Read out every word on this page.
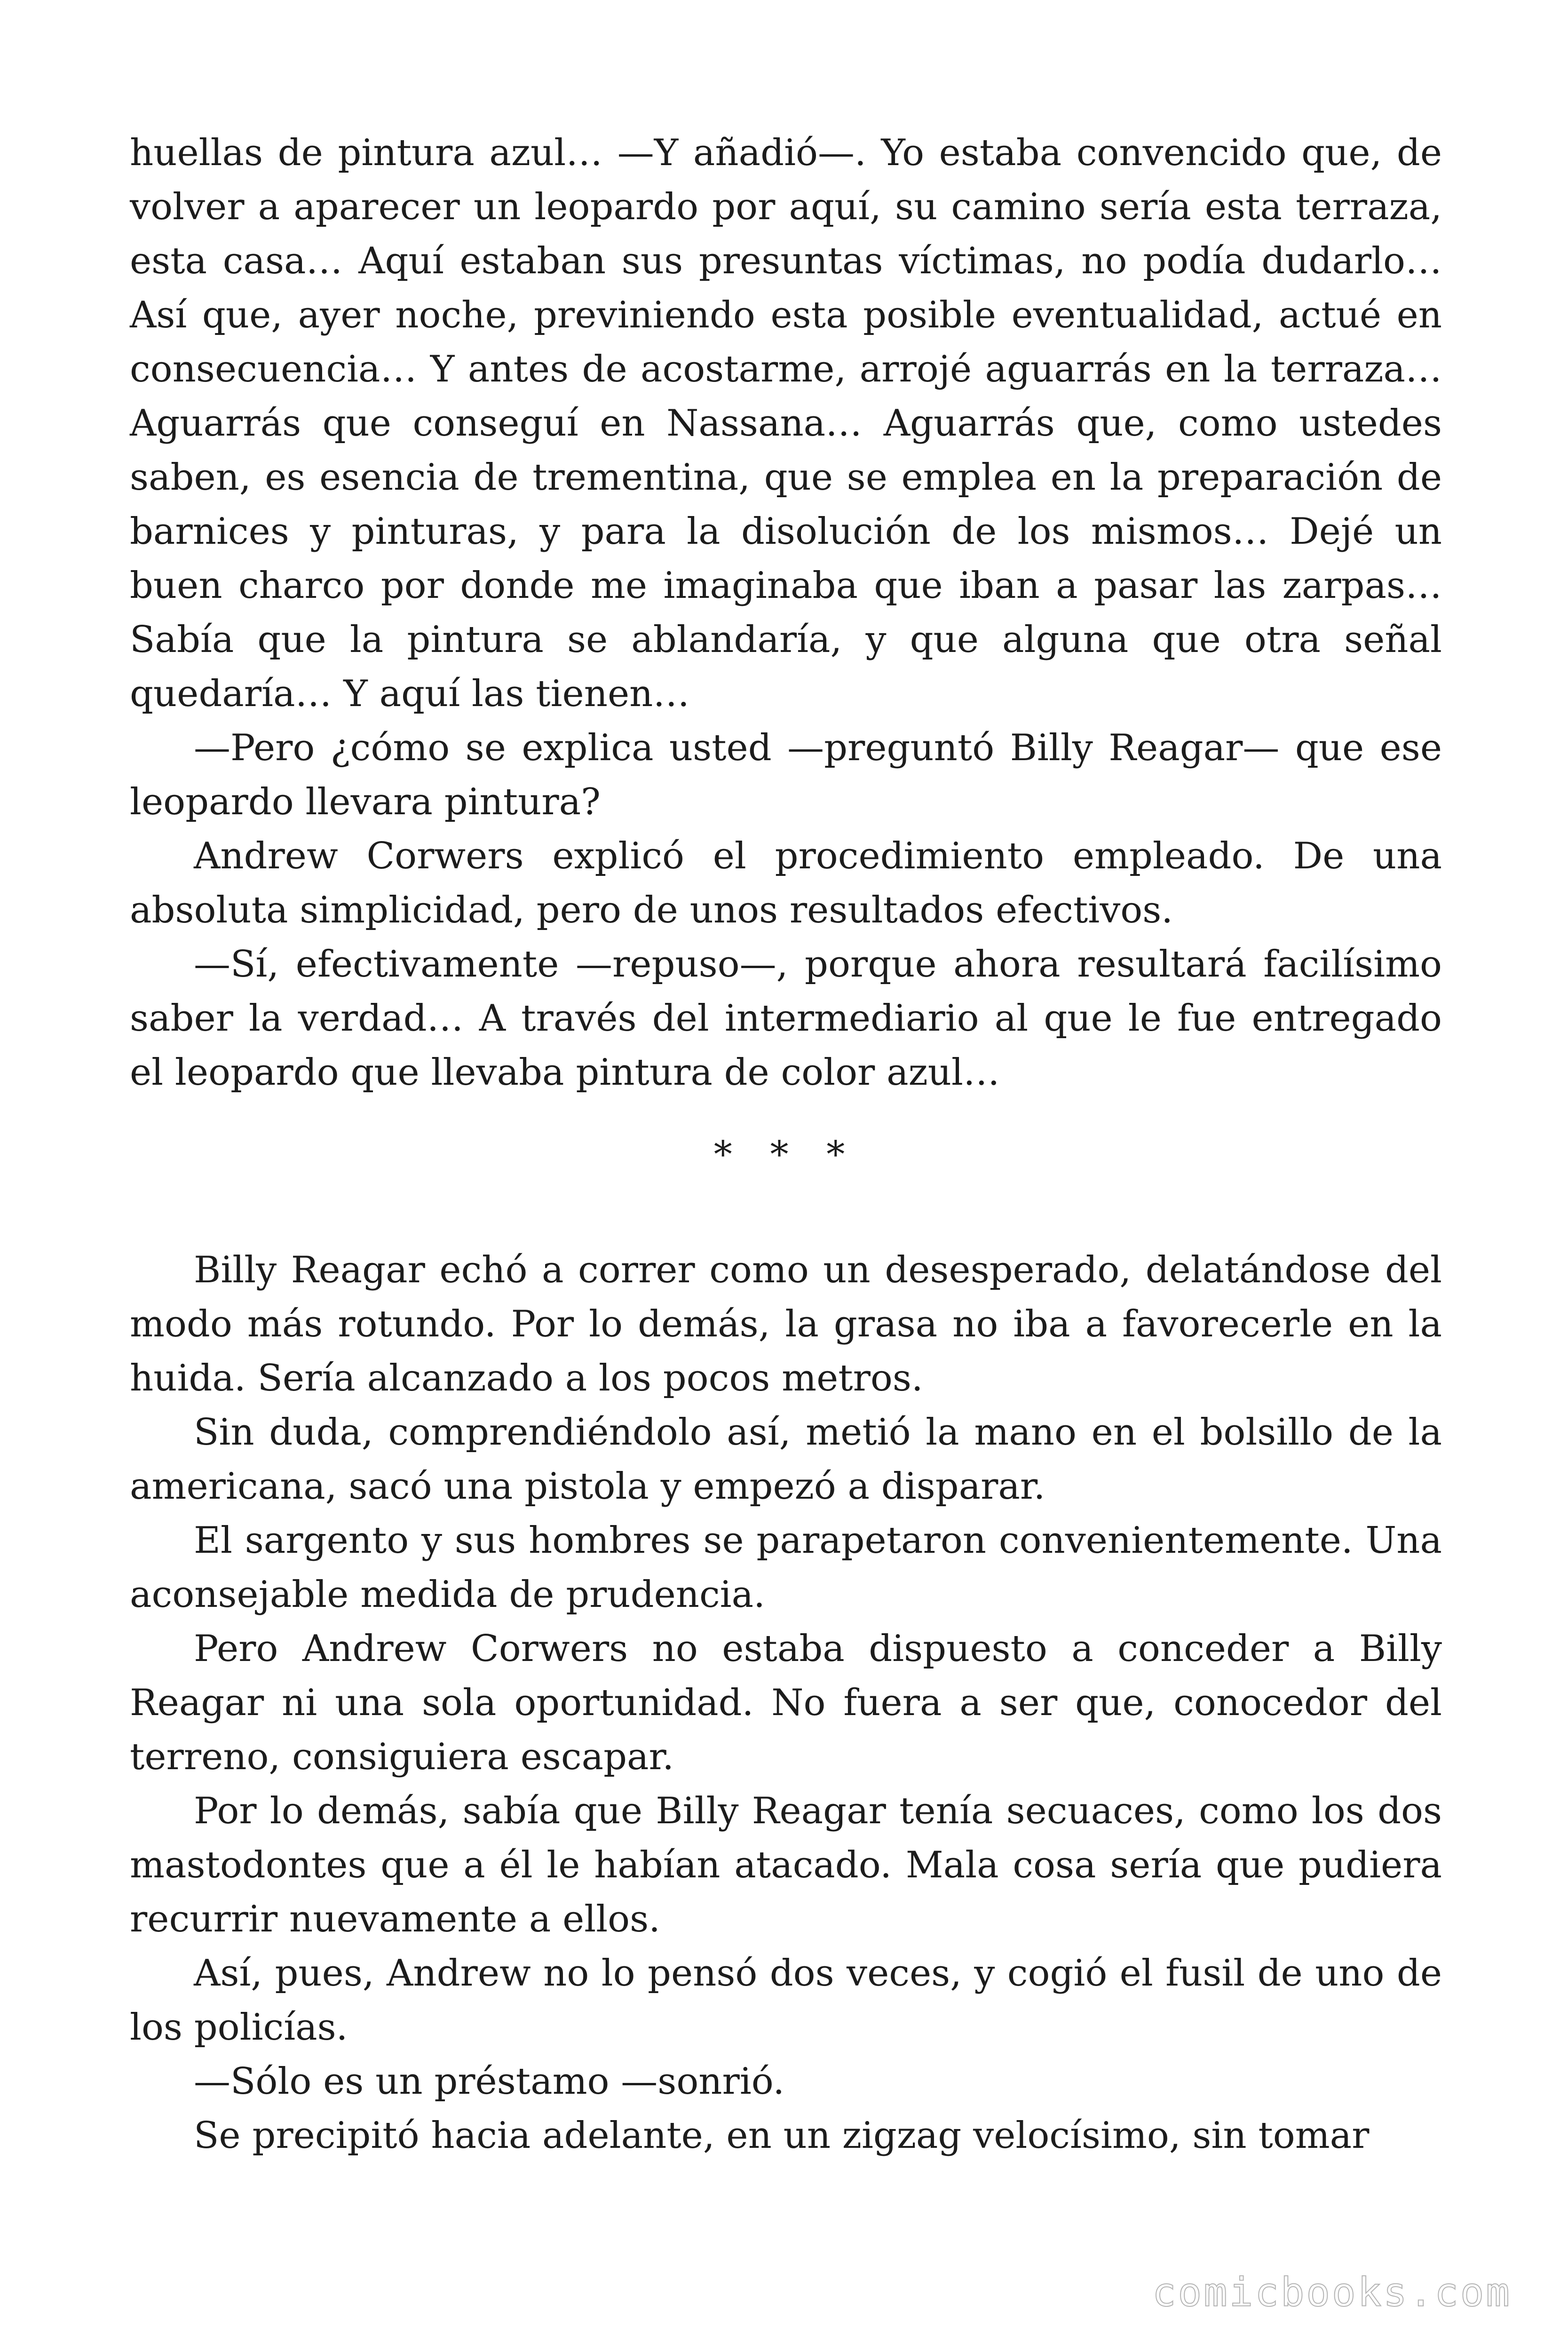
huellas de pintura azul… —Y añadió—. Yo estaba convencido que, de volver a aparecer un leopardo por aquí, su camino sería esta terraza, esta casa… Aquí estaban sus presuntas víctimas, no podía dudarlo… Así que, ayer noche, previniendo esta posible eventualidad, actué en consecuencia… Y antes de acostarme, arrojé aguarrás en la terraza… Aguarrás que conseguí en Nassana… Aguarrás que, como ustedes saben, es esencia de trementina, que se emplea en la preparación de barnices y pinturas, y para la disolución de los mismos… Dejé un buen charco por donde me imaginaba que iban a pasar las zarpas… Sabía que la pintura se ablandaría, y que alguna que otra señal quedaría… Y aquí las tienen…

—Pero ¿cómo se explica usted —preguntó Billy Reagar— que ese leopardo llevara pintura?

Andrew Corwers explicó el procedimiento empleado. De una absoluta simplicidad, pero de unos resultados efectivos.

—Sí, efectivamente —repuso—, porque ahora resultará facilísimo saber la verdad… A través del intermediario al que le fue entregado el leopardo que llevaba pintura de color azul…

* * *

Billy Reagar echó a correr como un desesperado, delatándose del modo más rotundo. Por lo demás, la grasa no iba a favorecerle en la huida. Sería alcanzado a los pocos metros.

Sin duda, comprendiéndolo así, metió la mano en el bolsillo de la americana, sacó una pistola y empezó a disparar.

El sargento y sus hombres se parapetaron convenientemente. Una aconsejable medida de prudencia.

Pero Andrew Corwers no estaba dispuesto a conceder a Billy Reagar ni una sola oportunidad. No fuera a ser que, conocedor del terreno, consiguiera escapar.

Por lo demás, sabía que Billy Reagar tenía secuaces, como los dos mastodontes que a él le habían atacado. Mala cosa sería que pudiera recurrir nuevamente a ellos.

Así, pues, Andrew no lo pensó dos veces, y cogió el fusil de uno de los policías.

—Sólo es un préstamo —sonrió.

Se precipitó hacia adelante, en un zigzag velocísimo, sin tomar

comicbooks.com
